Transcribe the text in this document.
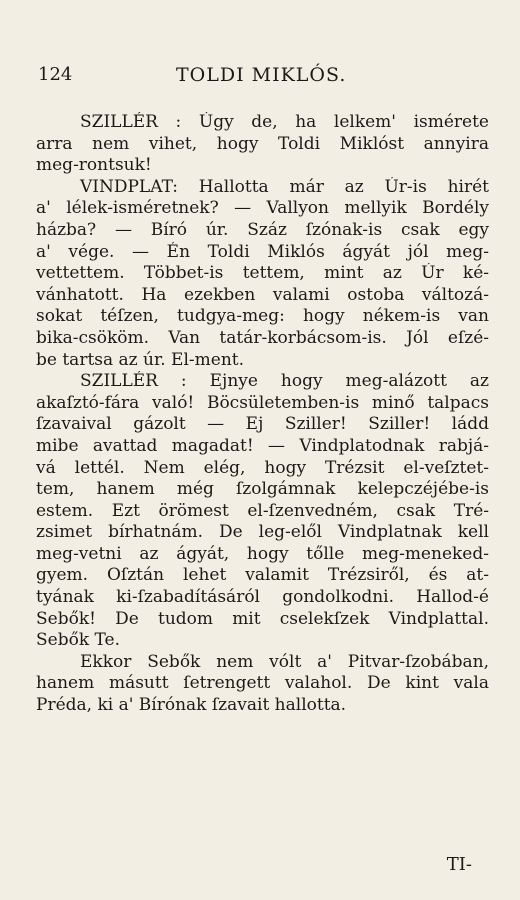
124	TOLDI MIKLÓS.
SZILLÉR : Úgy de, ha lelkem' ismérete
arra nem vihet, hogy Toldi Miklóst annyira
meg-rontsuk!
VINDPLAT: Hallotta már az Úr-is hirét
a' lélek-isméretnek? — Vallyon mellyik Bordély
házba? — Bíró úr. Száz ſzónak-is csak egy
a' vége. — Én Toldi Miklós ágyát jól meg-
vettettem. Többet-is tettem, mint az Úr ké-
vánhatott. Ha ezekben valami ostoba változá-
sokat téſzen, tudgya-meg: hogy nékem-is van
bika-csököm. Van tatár-korbácsom-is. Jól eſzé-
be tartsa az úr. El-ment.
SZILLÉR : Ejnye hogy meg-alázott az
akaſztó-fára való! Böcsületemben-is minő talpacs
ſzavaival gázolt — Ej Sziller! Sziller! ládd
mibe avattad magadat! — Vindplatodnak rabjá-
vá lettél. Nem elég, hogy Trézsit el-veſztet-
tem, hanem még ſzolgámnak kelepczéjébe-is
estem. Ezt örömest el-ſzenvedném, csak Tré-
zsimet bírhatnám. De leg-elől Vindplatnak kell
meg-vetni az ágyát, hogy tőlle meg-meneked-
gyem. Oſztán lehet valamit Trézsiről, és at-
tyának ki-ſzabadításáról gondolkodni. Hallod-é
Sebők! De tudom mit cselekſzek Vindplattal.
Sebők Te.
Ekkor Sebők nem vólt a' Pitvar-ſzobában,
hanem másutt ſetrengett valahol. De kint vala
Préda, ki a' Bírónak ſzavait hallotta.
TI-
